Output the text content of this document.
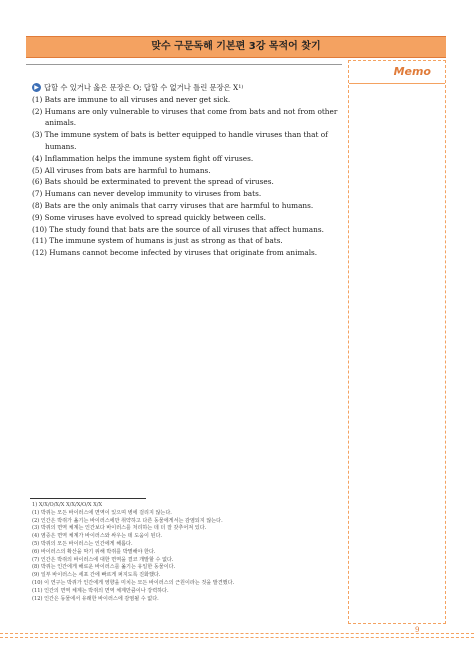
맞수 구문독해 기본편 3강 목적어 찾기
Memo
▶ 답할 수 있거나 옳은 문장은 O; 답할 수 없거나 틀린 문장은 X 1)
(1) Bats are immune to all viruses and never get sick.
(2) Humans are only vulnerable to viruses that come from bats and not from other animals.
(3) The immune system of bats is better equipped to handle viruses than that of humans.
(4) Inflammation helps the immune system fight off viruses.
(5) All viruses from bats are harmful to humans.
(6) Bats should be exterminated to prevent the spread of viruses.
(7) Humans can never develop immunity to viruses from bats.
(8) Bats are the only animals that carry viruses that are harmful to humans.
(9) Some viruses have evolved to spread quickly between cells.
(10) The study found that bats are the source of all viruses that affect humans.
(11) The immune system of humans is just as strong as that of bats.
(12) Humans cannot become infected by viruses that originate from animals.
1) X/X/O/X/X X/X/X/O/X X/X
(1) 박쥐는 모든 바이러스에 면역이 있으며 병에 걸리지 않는다.
(2) 인간은 박쥐가 옮기는 바이러스에만 취약하고 다른 동물에게서는 감염되지 않는다.
(3) 박쥐의 면역 체계는 인간보다 바이러스를 처리하는 데 더 잘 갖추어져 있다.
(4) 염증은 면역 체계가 바이러스와 싸우는 데 도움이 된다.
(5) 박쥐의 모든 바이러스는 인간에게 해롭다.
(6) 바이러스의 확산을 막기 위해 박쥐를 박멸해야 한다.
(7) 인간은 박쥐의 바이러스에 대한 면역을 결코 개발할 수 없다.
(8) 박쥐는 인간에게 해로운 바이러스를 옮기는 유일한 동물이다.
(9) 일부 바이러스는 세포 간에 빠르게 퍼지도록 진화했다.
(10) 이 연구는 박쥐가 인간에게 영향을 미치는 모든 바이러스의 근원이라는 것을 발견했다.
(11) 인간의 면역 체계는 박쥐의 면역 체계만큼이나 강력하다.
(12) 인간은 동물에서 유래한 바이러스에 감염될 수 없다.
9
